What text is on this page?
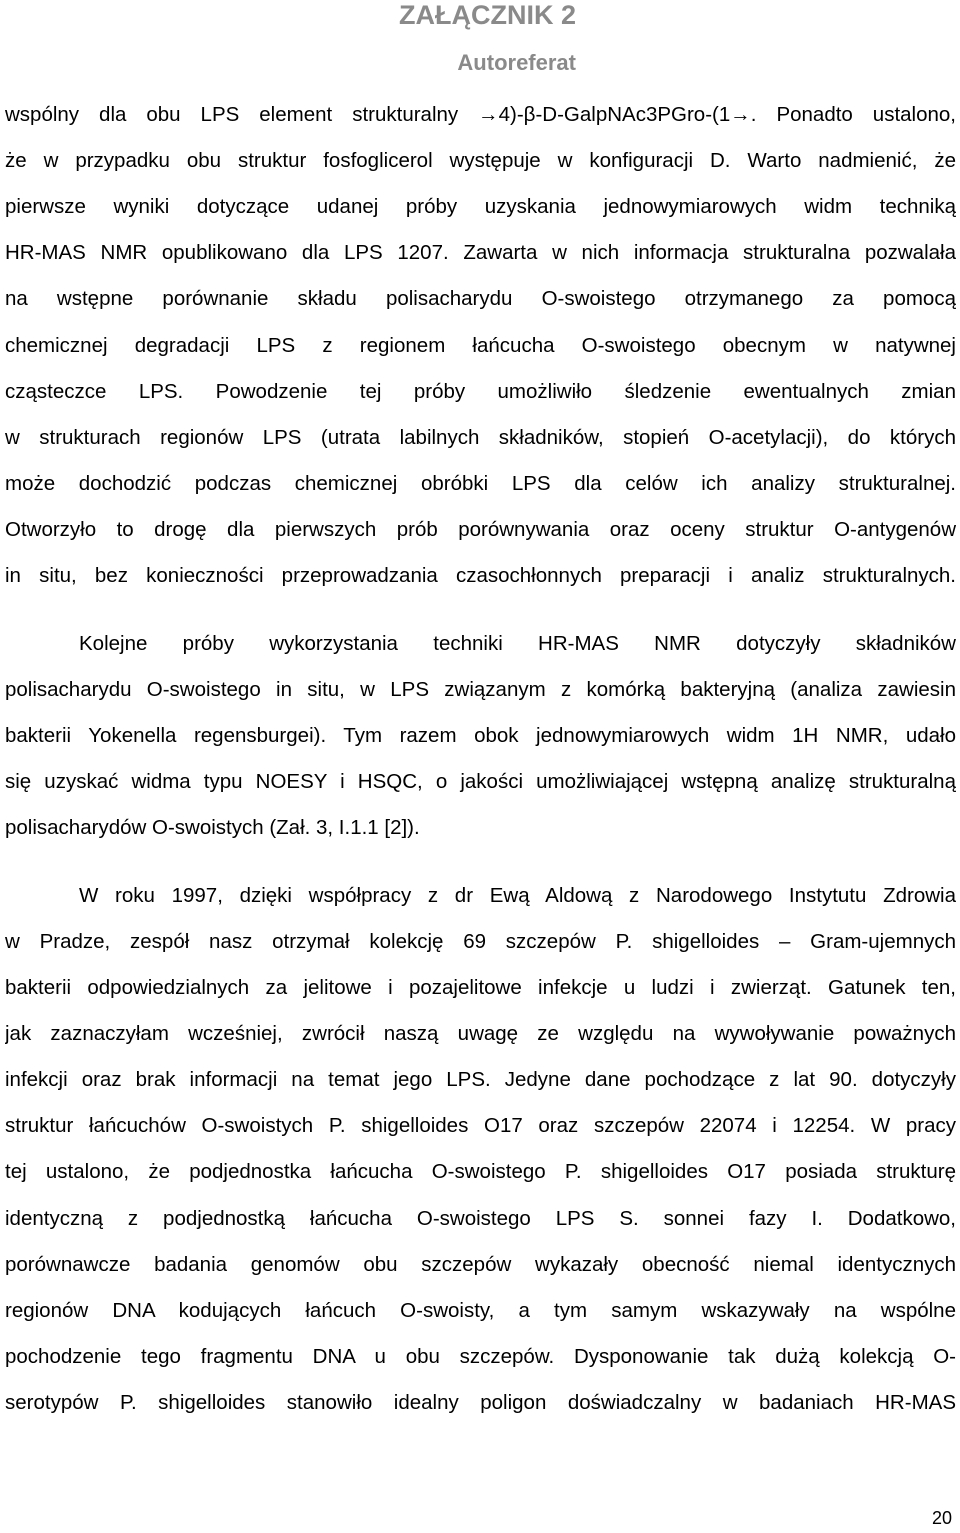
ZAŁĄCZNIK 2
Autoreferat
wspólny dla obu LPS element strukturalny →4)-β-D-GalpNAc3PGro-(1→. Ponadto ustalono,
że w przypadku obu struktur fosfoglicerol występuje w konfiguracji D. Warto nadmienić, że
pierwsze wyniki dotyczące udanej próby uzyskania jednowymiarowych widm techniką
HR-MAS NMR opublikowano dla LPS 1207. Zawarta w nich informacja strukturalna pozwalała
na wstępne porównanie składu polisacharydu O-swoistego otrzymanego za pomocą
chemicznej degradacji LPS z regionem łańcucha O-swoistego obecnym w natywnej
cząsteczce LPS. Powodzenie tej próby umożliwiło śledzenie ewentualnych zmian
w strukturach regionów LPS (utrata labilnych składników, stopień O-acetylacji), do których
może dochodzić podczas chemicznej obróbki LPS dla celów ich analizy strukturalnej.
Otworzyło to drogę dla pierwszych prób porównywania oraz oceny struktur O-antygenów
in situ, bez konieczności przeprowadzania czasochłonnych preparacji i analiz strukturalnych.
Kolejne próby wykorzystania techniki HR-MAS NMR dotyczyły składników
polisacharydu O-swoistego in situ, w LPS związanym z komórką bakteryjną (analiza zawiesin
bakterii Yokenella regensburgei). Tym razem obok jednowymiarowych widm 1H NMR, udało
się uzyskać widma typu NOESY i HSQC, o jakości umożliwiającej wstępną analizę strukturalną
polisacharydów O-swoistych (Zał. 3, I.1.1 [2]).
W roku 1997, dzięki współpracy z dr Ewą Aldową z Narodowego Instytutu Zdrowia
w Pradze, zespół nasz otrzymał kolekcję 69 szczepów P. shigelloides – Gram-ujemnych
bakterii odpowiedzialnych za jelitowe i pozajelitowe infekcje u ludzi i zwierząt. Gatunek ten,
jak zaznaczyłam wcześniej, zwrócił naszą uwagę ze względu na wywoływanie poważnych
infekcji oraz brak informacji na temat jego LPS. Jedyne dane pochodzące z lat 90. dotyczyły
struktur łańcuchów O-swoistych P. shigelloides O17 oraz szczepów 22074 i 12254. W pracy
tej ustalono, że podjednostka łańcucha O-swoistego P. shigelloides O17 posiada strukturę
identyczną z podjednostką łańcucha O-swoistego LPS S. sonnei fazy I. Dodatkowo,
porównawcze badania genomów obu szczepów wykazały obecność niemal identycznych
regionów DNA kodujących łańcuch O-swoisty, a tym samym wskazywały na wspólne
pochodzenie tego fragmentu DNA u obu szczepów. Dysponowanie tak dużą kolekcją O-
serotypów P. shigelloides stanowiło idealny poligon doświadczalny w badaniach HR-MAS
20
